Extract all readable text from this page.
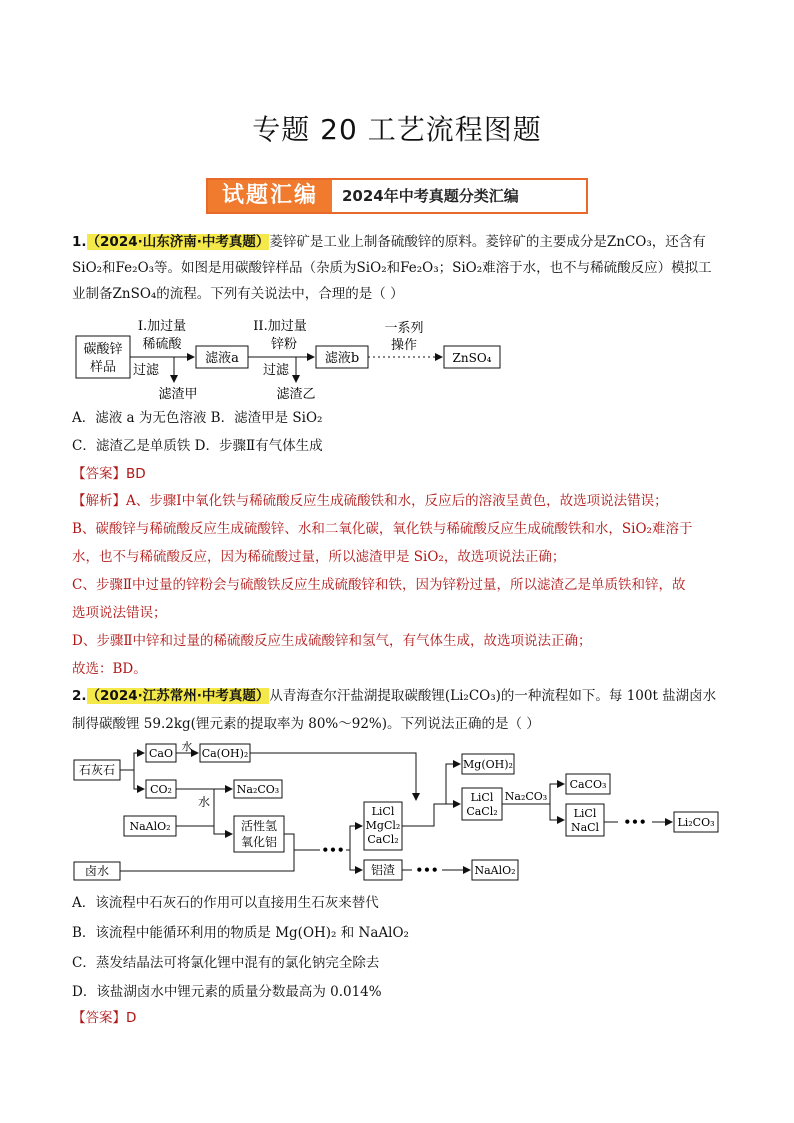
专题 20 工艺流程图题
试题汇编	2024年中考真题分类汇编
1.（2024·山东济南·中考真题）菱锌矿是工业上制备硫酸锌的原料。菱锌矿的主要成分是ZnCO₃，还含有
SiO₂和Fe₂O₃等。如图是用碳酸锌样品（杂质为SiO₂和Fe₂O₃；SiO₂难溶于水，也不与稀硫酸反应）模拟工
业制备ZnSO₄的流程。下列有关说法中，合理的是（ ）
碳酸锌
样品
I.加过量
稀硫酸
过滤
滤渣甲
滤液a
II.加过量
锌粉
过滤
滤渣乙
滤液b
一系列
操作
ZnSO₄
A．滤液 a 为无色溶液 B．滤渣甲是 SiO₂
C．滤渣乙是单质铁 D．步骤Ⅱ有气体生成
【答案】BD
【解析】A、步骤Ⅰ中氧化铁与稀硫酸反应生成硫酸铁和水，反应后的溶液呈黄色，故选项说法错误；
B、碳酸锌与稀硫酸反应生成硫酸锌、水和二氧化碳，氧化铁与稀硫酸反应生成硫酸铁和水，SiO₂难溶于
水，也不与稀硫酸反应，因为稀硫酸过量，所以滤渣甲是 SiO₂，故选项说法正确；
C、步骤Ⅱ中过量的锌粉会与硫酸铁反应生成硫酸锌和铁，因为锌粉过量，所以滤渣乙是单质铁和锌，故
选项说法错误；
D、步骤Ⅱ中锌和过量的稀硫酸反应生成硫酸锌和氢气，有气体生成，故选项说法正确；
故选：BD。
2.（2024·江苏常州·中考真题）从青海查尔汗盐湖提取碳酸锂(Li₂CO₃)的一种流程如下。每 100t 盐湖卤水
制得碳酸锂 59.2kg(锂元素的提取率为 80%～92%)。下列说法正确的是（ ）
石灰石
CaO
水
Ca(OH)₂
CO₂
NaAlO₂
水
Na₂CO₃
活性氢
氧化铝
卤水
•••
LiCl
MgCl₂
CaCl₂
铝渣 •••	NaAlO₂
Mg(OH)₂
LiCl
CaCl₂
Na₂CO₃
CaCO₃
LiCl
NaCl •••	Li₂CO₃
A．该流程中石灰石的作用可以直接用生石灰来替代
B．该流程中能循环利用的物质是 Mg(OH)₂ 和 NaAlO₂
C．蒸发结晶法可将氯化锂中混有的氯化钠完全除去
D．该盐湖卤水中锂元素的质量分数最高为 0.014%
【答案】D
